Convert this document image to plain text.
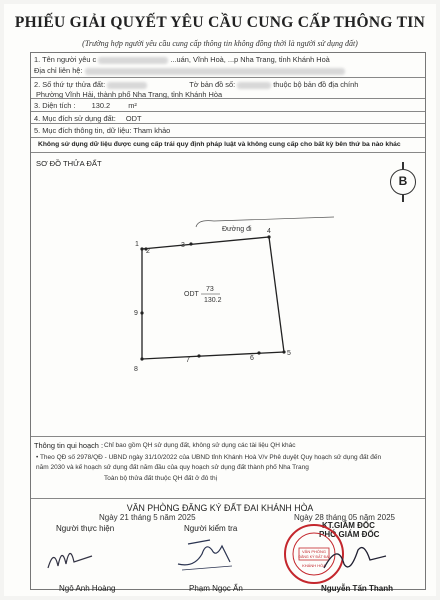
PHIẾU GIẢI QUYẾT YÊU CẦU CUNG CẤP THÔNG TIN
(Trường hợp người yêu cầu cung cấp thông tin không đồng thời là người sử dụng đất)
1. Tên người yêu c	...uán, Vĩnh Hoà, ...p Nha Trang, tỉnh Khánh Hoà
Địa chỉ liên hệ:
2. Số thứ tự thửa đất:	Tờ bản đồ số:	thuộc bộ bản đồ địa chính
Phường Vĩnh Hải, thành phố Nha Trang, tỉnh Khánh Hòa
3. Diện tích : 130.2 m²
4. Mục đích sử dụng đất: ODT
5. Mục đích thông tin, dữ liệu: Tham khảo
Không sử dụng dữ liệu được cung cấp trái quy định pháp luật và không cung cấp cho bất kỳ bên thứ ba nào khác
SƠ ĐỒ THỬA ĐẤT
B
Đường đi
ODT
73
130.2
1
2
3
4
5
6
7
8
9
Thông tin qui hoạch : Chỉ bao gồm QH sử dụng đất, không sử dụng các tài liệu QH khác
• Theo QĐ số 2978/QĐ - UBND ngày 31/10/2022 của UBND tỉnh Khánh Hoà V/v Phê duyệt Quy hoạch sử dụng đất đến
năm 2030 và kế hoạch sử dụng đất năm đầu của quy hoạch sử dụng đất thành phố Nha Trang
Toàn bộ thửa đất thuộc QH đất ở đô thị
VĂN PHÒNG ĐĂNG KÝ ĐẤT ĐAI KHÁNH HÒA
Ngày 21 tháng 5 năm 2025	Ngày 28 tháng 05 năm 2025
Người thực hiện	Người kiểm tra	KT.GIÁM ĐỐC
PHÓ GIÁM ĐỐC
VĂN PHÒNG
ĐĂNG KÝ ĐẤT ĐAI
KHÁNH HÒA
Ngô Anh Hoàng	Phạm Ngọc Ẩn	Nguyễn Tấn Thanh
